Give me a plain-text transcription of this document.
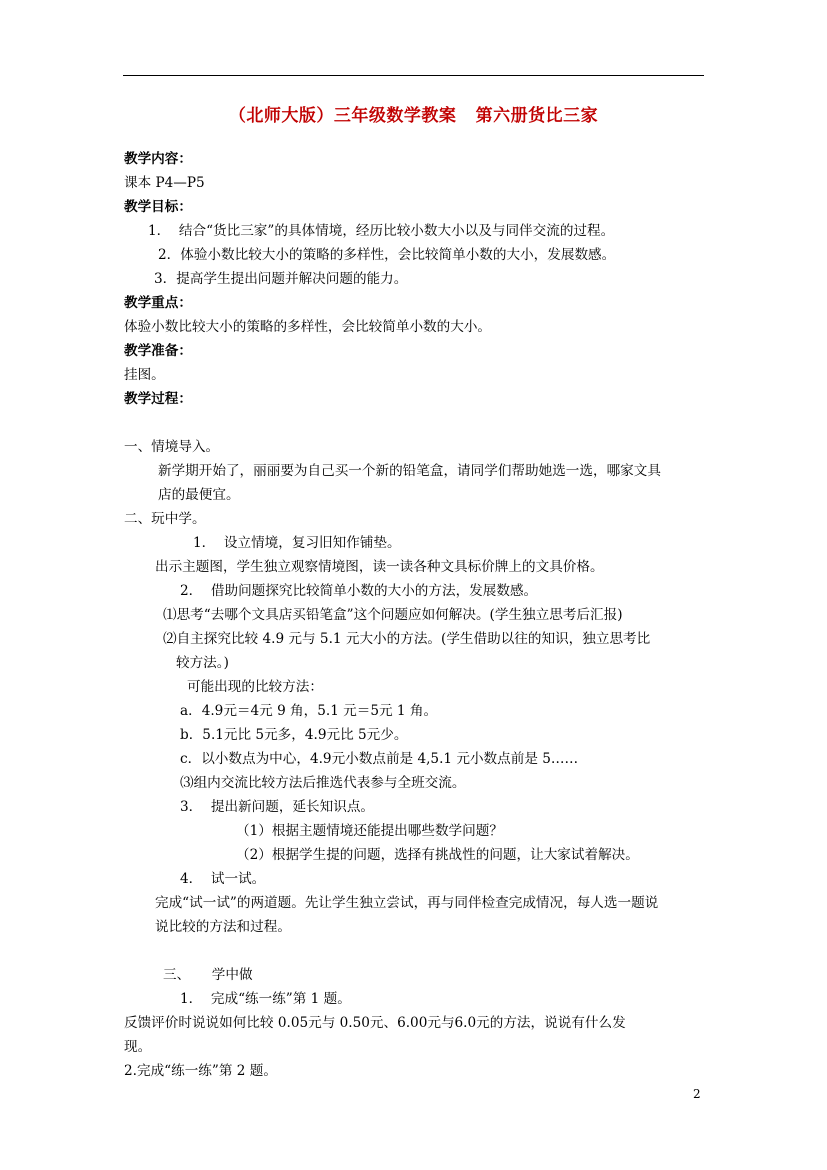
（北师大版）三年级数学教案   第六册货比三家
教学内容：
课本 P4—P5
教学目标：
1．  结合“货比三家”的具体情境，经历比较小数大小以及与同伴交流的过程。
2．体验小数比较大小的策略的多样性，会比较简单小数的大小，发展数感。
3．提高学生提出问题并解决问题的能力。
教学重点：
体验小数比较大小的策略的多样性，会比较简单小数的大小。
教学准备：
挂图。
教学过程：
一、情境导入。
新学期开始了，丽丽要为自己买一个新的铅笔盒，请同学们帮助她选一选，哪家文具
店的最便宜。
二、玩中学。
1．  设立情境，复习旧知作铺垫。
出示主题图，学生独立观察情境图，读一读各种文具标价牌上的文具价格。
2．  借助问题探究比较简单小数的大小的方法，发展数感。
⑴思考“去哪个文具店买铅笔盒”这个问题应如何解决。(学生独立思考后汇报)
⑵自主探究比较 4.9 元与 5.1 元大小的方法。(学生借助以往的知识，独立思考比
较方法。)
可能出现的比较方法：
a．4.9元＝4元 9 角，5.1 元＝5元 1 角。
b．5.1元比 5元多，4.9元比 5元少。
c．以小数点为中心，4.9元小数点前是 4,5.1 元小数点前是 5……
⑶组内交流比较方法后推选代表参与全班交流。
3．  提出新问题，延长知识点。
（1）根据主题情境还能提出哪些数学问题？
（2）根据学生提的问题，选择有挑战性的问题，让大家试着解决。
4．  试一试。
完成“试一试”的两道题。先让学生独立尝试，再与同伴检查完成情况，每人选一题说
说比较的方法和过程。
三、     学中做
1．  完成“练一练”第 1 题。
反馈评价时说说如何比较 0.05元与 0.50元、6.00元与6.0元的方法，说说有什么发
现。
2.完成“练一练”第 2 题。
2
